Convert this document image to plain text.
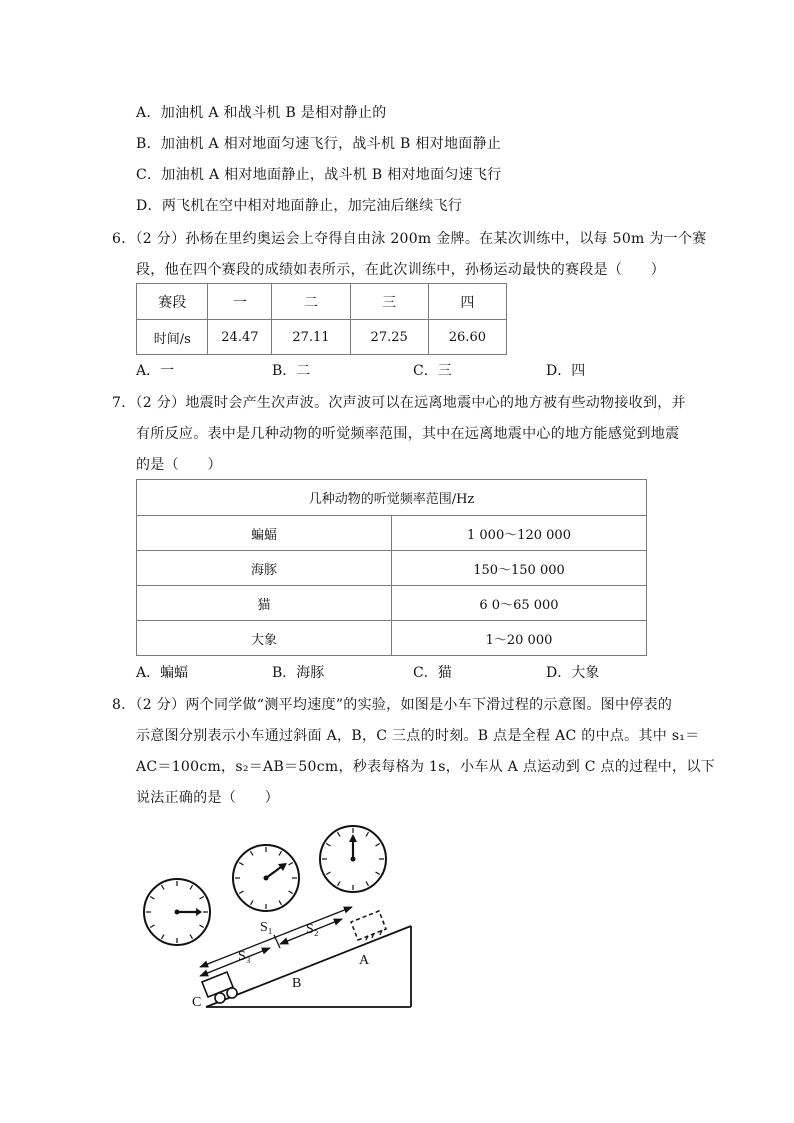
A．加油机 A 和战斗机 B 是相对静止的
B．加油机 A 相对地面匀速飞行，战斗机 B 相对地面静止
C．加油机 A 相对地面静止，战斗机 B 相对地面匀速飞行
D．两飞机在空中相对地面静止，加完油后继续飞行
6．（2 分）孙杨在里约奥运会上夺得自由泳 200m 金牌。在某次训练中，以每 50m 为一个赛
段，他在四个赛段的成绩如表所示，在此次训练中，孙杨运动最快的赛段是（　　）
赛段	一	二	三	四
时间/s	24.47	27.11	27.25	26.60
A．一	B．二	C．三	D．四
7．（2 分）地震时会产生次声波。次声波可以在远离地震中心的地方被有些动物接收到，并
有所反应。表中是几种动物的听觉频率范围，其中在远离地震中心的地方能感觉到地震
的是（　　）
几种动物的听觉频率范围/Hz	
蝙蝠	1 000～120 000
海豚	150～150 000
猫	6 0～65 000
大象	1～20 000
A．蝙蝠	B．海豚	C．猫	D．大象
8．（2 分）两个同学做“测平均速度”的实验，如图是小车下滑过程的示意图。图中停表的
示意图分别表示小车通过斜面 A，B，C 三点的时刻。B 点是全程 AC 的中点。其中 s₁＝
AC＝100cm，s₂＝AB＝50cm，秒表每格为 1s，小车从 A 点运动到 C 点的过程中，以下
说法正确的是（　　）
S₁ S₂
S₃	A
B
C
